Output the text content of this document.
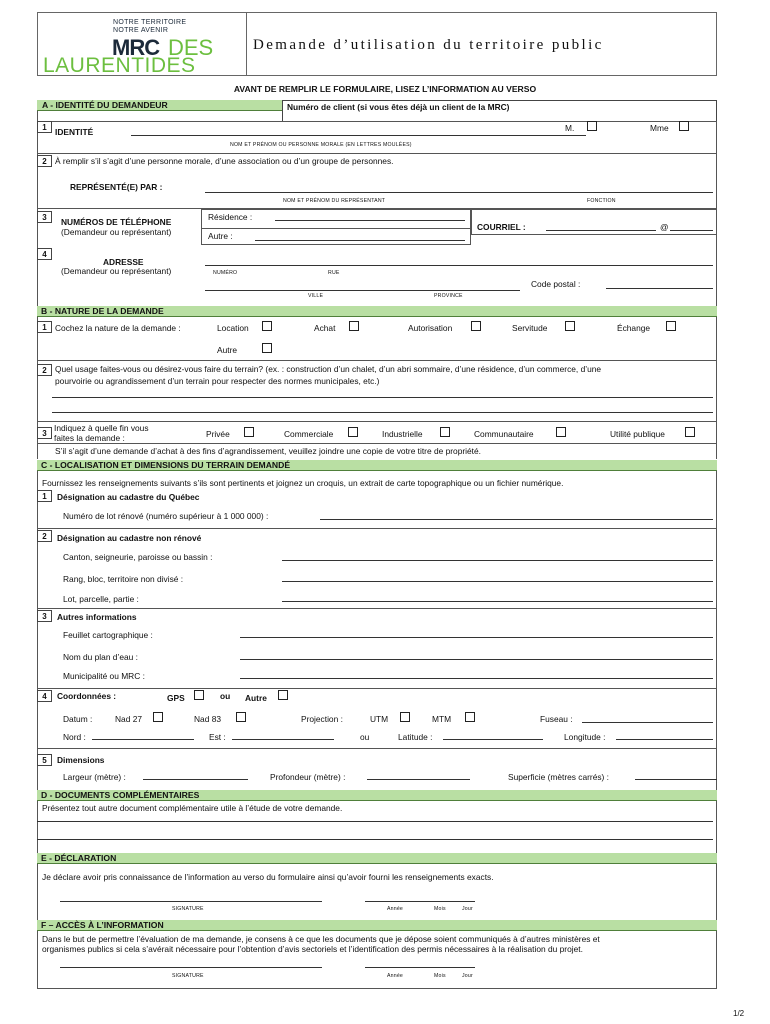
NOTRE TERRITOIRE
NOTRE AVENIR
MRC DES
LAURENTIDES
Demande d’utilisation du territoire public
AVANT DE REMPLIR LE FORMULAIRE, LISEZ L’INFORMATION AU VERSO
A - IDENTITÉ DU DEMANDEUR	Numéro de client (si vous êtes déjà un client de la MRC)
1 IDENTITÉ	M.	Mme
NOM ET PRÉNOM OU PERSONNE MORALE (EN LETTRES MOULÉES)
2 À remplir s’il s’agit d’une personne morale, d’une association ou d’un groupe de personnes.
REPRÉSENTÉ(E) PAR :
NOM ET PRÉNOM DU REPRÉSENTANT	FONCTION
3	NUMÉROS DE TÉLÉPHONE
(Demandeur ou représentant)
Résidence :
Autre :
COURRIEL :	@
4
ADRESSE
(Demandeur ou représentant)	NUMÉRO	RUE
Code postal :
VILLE	PROVINCE
B - NATURE DE LA DEMANDE
1 Cochez la nature de la demande :	Location	Achat	Autorisation	Servitude	Échange
Autre
2 Quel usage faites-vous ou désirez-vous faire du terrain? (ex. : construction d’un chalet, d’un abri sommaire, d’une résidence, d’un commerce, d’une
pourvoirie ou agrandissement d’un terrain pour respecter des normes municipales, etc.)
3
Indiquez à quelle fin vous
faites la demande :	Privée	Commerciale	Industrielle	Communautaire	Utilité publique
S’il s’agit d’une demande d’achat à des fins d’agrandissement, veuillez joindre une copie de votre titre de propriété.
C - LOCALISATION ET DIMENSIONS DU TERRAIN DEMANDÉ
Fournissez les renseignements suivants s’ils sont pertinents et joignez un croquis, un extrait de carte topographique ou un fichier numérique.
1	Désignation au cadastre du Québec
Numéro de lot rénové (numéro supérieur à 1 000 000) :
2	Désignation au cadastre non rénové
Canton, seigneurie, paroisse ou bassin :
Rang, bloc, territoire non divisé :
Lot, parcelle, partie :
3	Autres informations
Feuillet cartographique :
Nom du plan d’eau :
Municipalité ou MRC :
4	Coordonnées :	GPS	ou Autre
Datum :	Nad 27	Nad 83	Projection :	UTM	MTM	Fuseau :
Nord :	Est :	ou	Latitude :	Longitude :
5	Dimensions
Largeur (mètre) :	Profondeur (mètre) :	Superficie (mètres carrés) :
D - DOCUMENTS COMPLÉMENTAIRES
Présentez tout autre document complémentaire utile à l’étude de votre demande.
E - DÉCLARATION
Je déclare avoir pris connaissance de l’information au verso du formulaire ainsi qu’avoir fourni les renseignements exacts.
SIGNATURE	Année	Mois	Jour
F – ACCÈS À L’INFORMATION
Dans le but de permettre l’évaluation de ma demande, je consens à ce que les documents que je dépose soient communiqués à d’autres ministères et
organismes publics si cela s’avérait nécessaire pour l’obtention d’avis sectoriels et l’identification des permis nécessaires à la réalisation du projet.
SIGNATURE	Année	Mois	Jour
1/2
